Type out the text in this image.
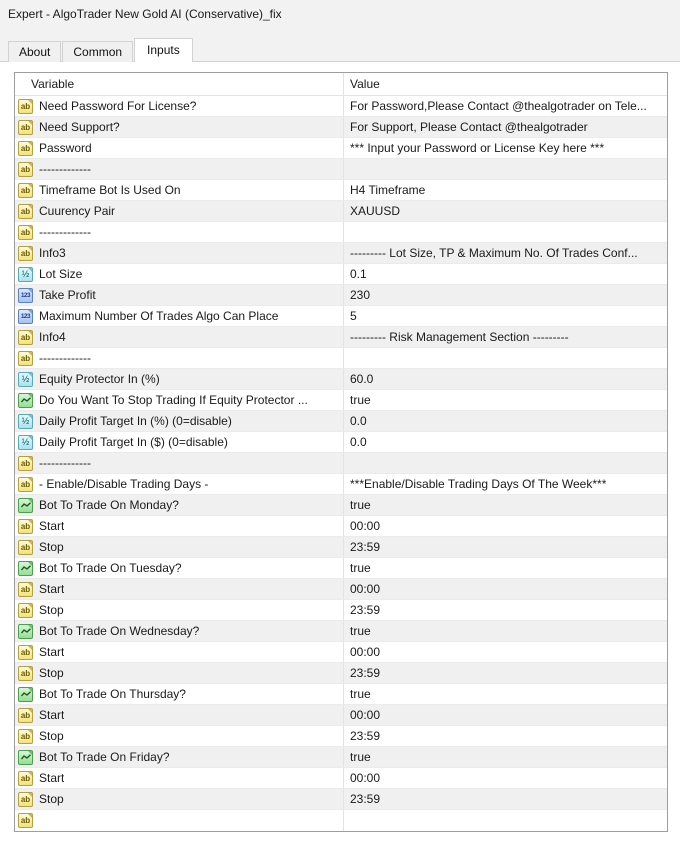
Expert - AlgoTrader New Gold AI (Conservative)_fix
About	Common	Inputs
Variable	Value
ab Need Password For License?	For Password,Please Contact @thealgotrader on Tele...
ab Need Support?	For Support, Please Contact @thealgotrader
ab Password	*** Input your Password or License Key here ***
ab -------------
ab Timeframe Bot Is Used On	H4 Timeframe
ab Cuurency Pair	XAUUSD
ab -------------
ab Info3	--------- Lot Size, TP & Maximum No. Of Trades Conf...
½ Lot Size	0.1
123 Take Profit	230
123 Maximum Number Of Trades Algo Can Place	5
ab Info4	--------- Risk Management Section ---------
ab -------------
½ Equity Protector In (%)	60.0
Do You Want To Stop Trading If Equity Protector ...	true
½ Daily Profit Target In (%) (0=disable)	0.0
½ Daily Profit Target In ($) (0=disable)	0.0
ab -------------
ab - Enable/Disable Trading Days -	***Enable/Disable Trading Days Of The Week***
Bot To Trade On Monday?	true
ab Start	00:00
ab Stop	23:59
Bot To Trade On Tuesday?	true
ab Start	00:00
ab Stop	23:59
Bot To Trade On Wednesday?	true
ab Start	00:00
ab Stop	23:59
Bot To Trade On Thursday?	true
ab Start	00:00
ab Stop	23:59
Bot To Trade On Friday?	true
ab Start	00:00
ab Stop	23:59
ab
